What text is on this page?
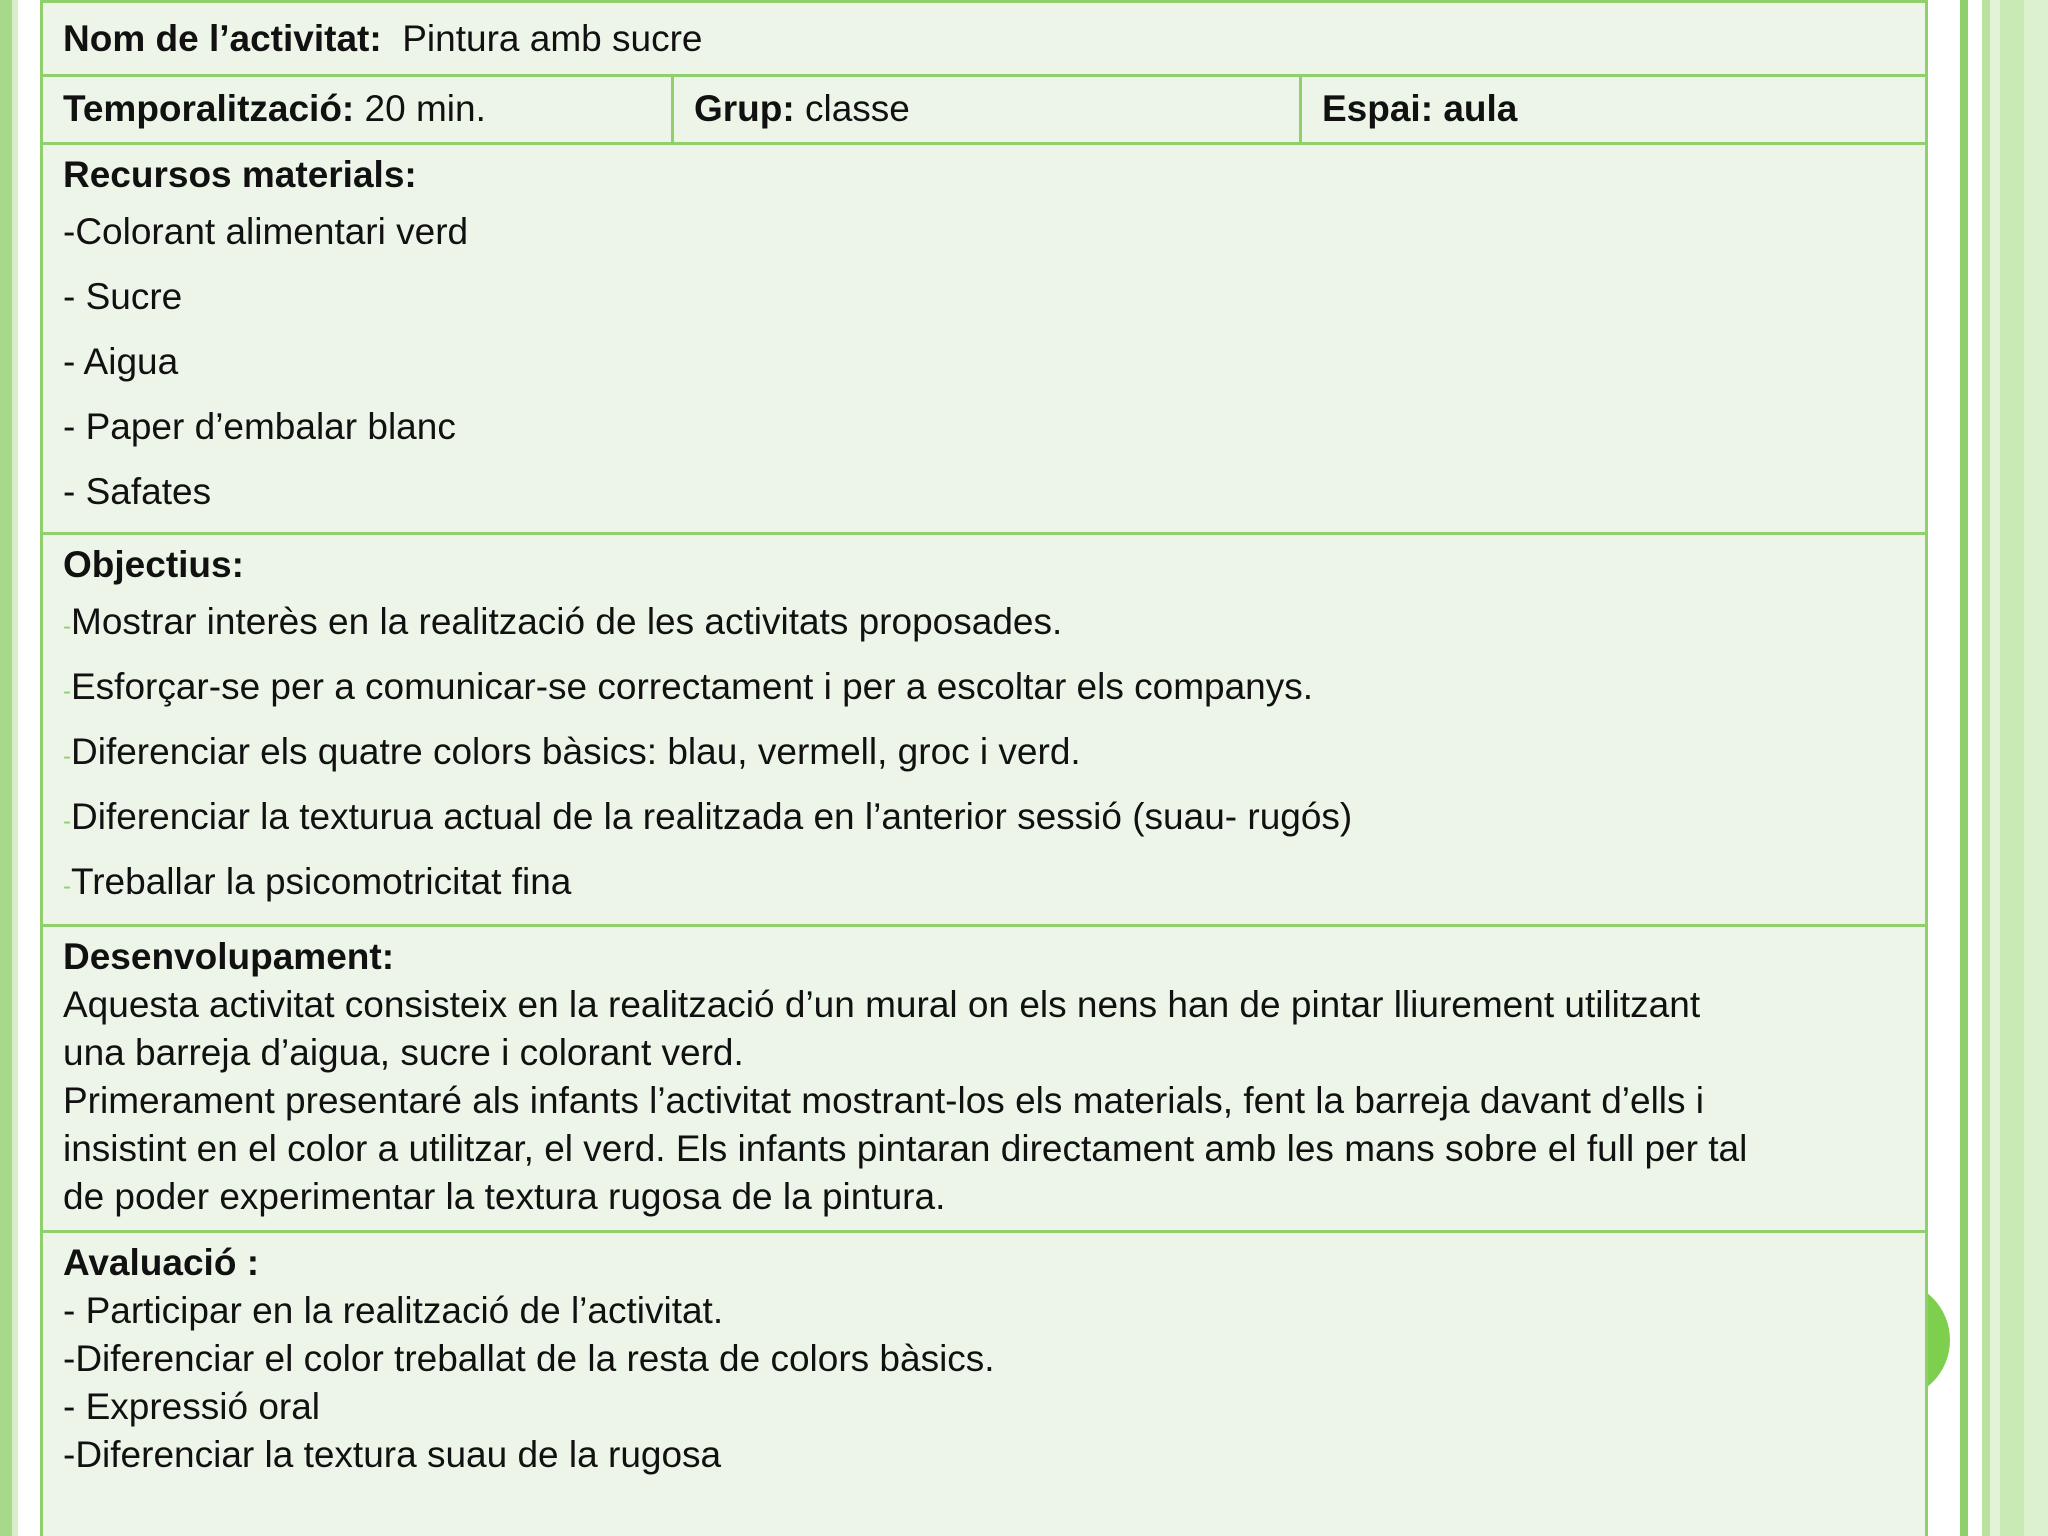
Nom de l’activitat: Pintura amb sucre
Temporalització: 20 min.	Grup: classe	Espai: aula
Recursos materials:
-Colorant alimentari verd
- Sucre
- Aigua
- Paper d’embalar blanc
- Safates
Objectius:
-Mostrar interès en la realització de les activitats proposades.
-Esforçar-se per a comunicar-se correctament i per a escoltar els companys.
-Diferenciar els quatre colors bàsics: blau, vermell, groc i verd.
-Diferenciar la texturua actual de la realitzada en l’anterior sessió (suau- rugós)
-Treballar la psicomotricitat fina
Desenvolupament:
Aquesta activitat consisteix en la realització d’un mural on els nens han de pintar lliurement utilitzant
una barreja d’aigua, sucre i colorant verd.
Primerament presentaré als infants l’activitat mostrant-los els materials, fent la barreja davant d’ells i
insistint en el color a utilitzar, el verd. Els infants pintaran directament amb les mans sobre el full per tal
de poder experimentar la textura rugosa de la pintura.
Avaluació :
- Participar en la realització de l’activitat.
-Diferenciar el color treballat de la resta de colors bàsics.
- Expressió oral
-Diferenciar la textura suau de la rugosa
